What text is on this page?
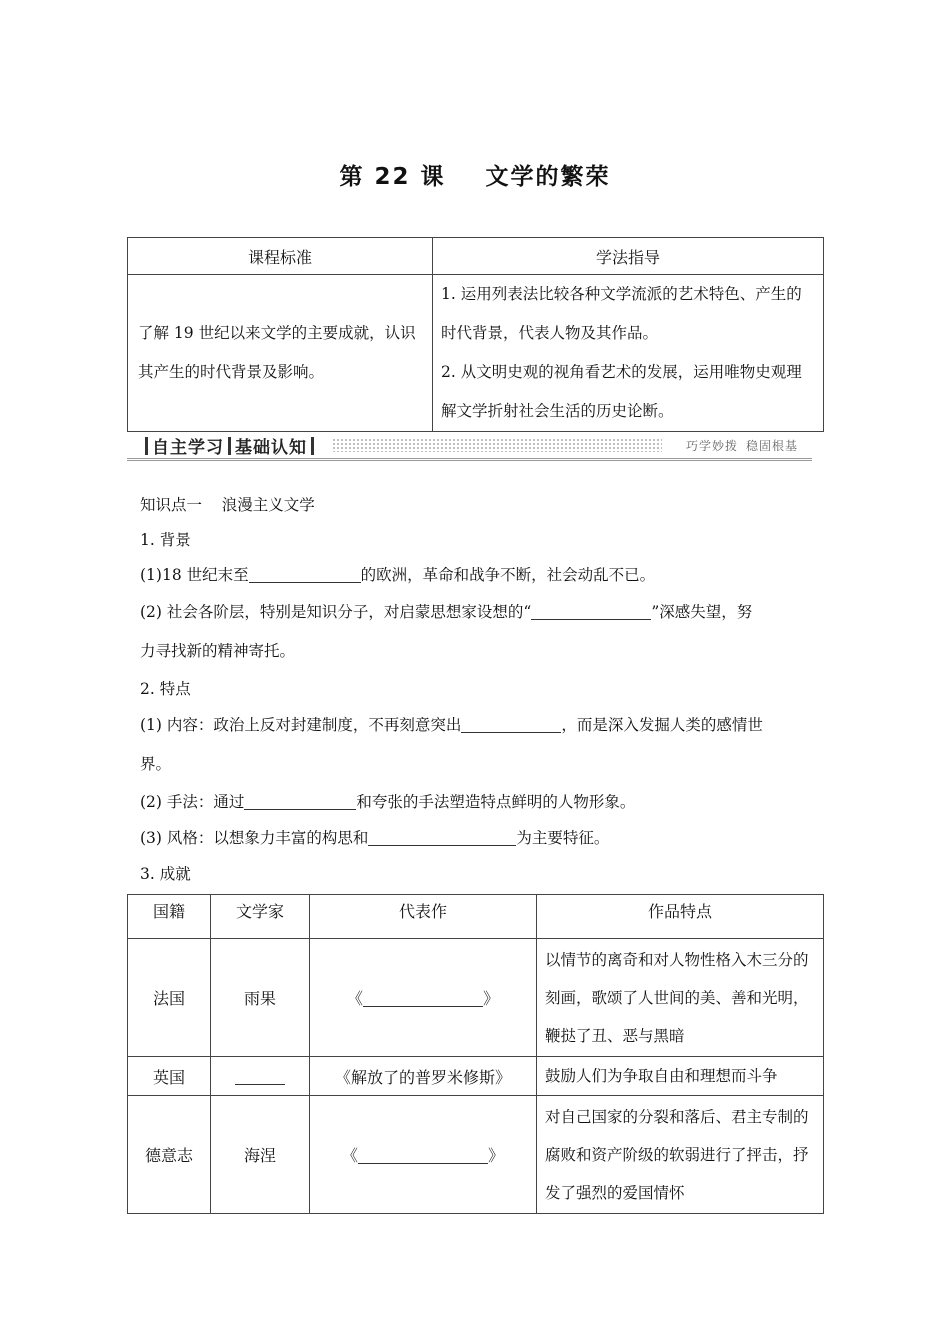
第 22 课    文学的繁荣
课程标准	学法指导
了解 19 世纪以来文学的主要成就，认识其产生的时代背景及影响。	1. 运用列表法比较各种文学流派的艺术特色、产生的时代背景，代表人物及其作品。
2. 从文明史观的视角看艺术的发展，运用唯物史观理解文学折射社会生活的历史论断。
自主学习 基础认知	巧学妙拨 稳固根基
知识点一    浪漫主义文学
1. 背景
(1)18 世纪末至	的欧洲，革命和战争不断，社会动乱不已。
(2) 社会各阶层，特别是知识分子，对启蒙思想家设想的“	”深感失望，努
力寻找新的精神寄托。
2. 特点
(1) 内容：政治上反对封建制度，不再刻意突出	，而是深入发掘人类的感情世
界。
(2) 手法：通过	和夸张的手法塑造特点鲜明的人物形象。
(3) 风格：以想象力丰富的构思和	为主要特征。
3. 成就
国籍	文学家	代表作	作品特点
法国	雨果	《 》	以情节的离奇和对人物性格入木三分的刻画，歌颂了人世间的美、善和光明，鞭挞了丑、恶与黑暗
英国		《解放了的普罗米修斯》	鼓励人们为争取自由和理想而斗争
德意志	海涅	《 》	对自己国家的分裂和落后、君主专制的腐败和资产阶级的软弱进行了抨击，抒发了强烈的爱国情怀
